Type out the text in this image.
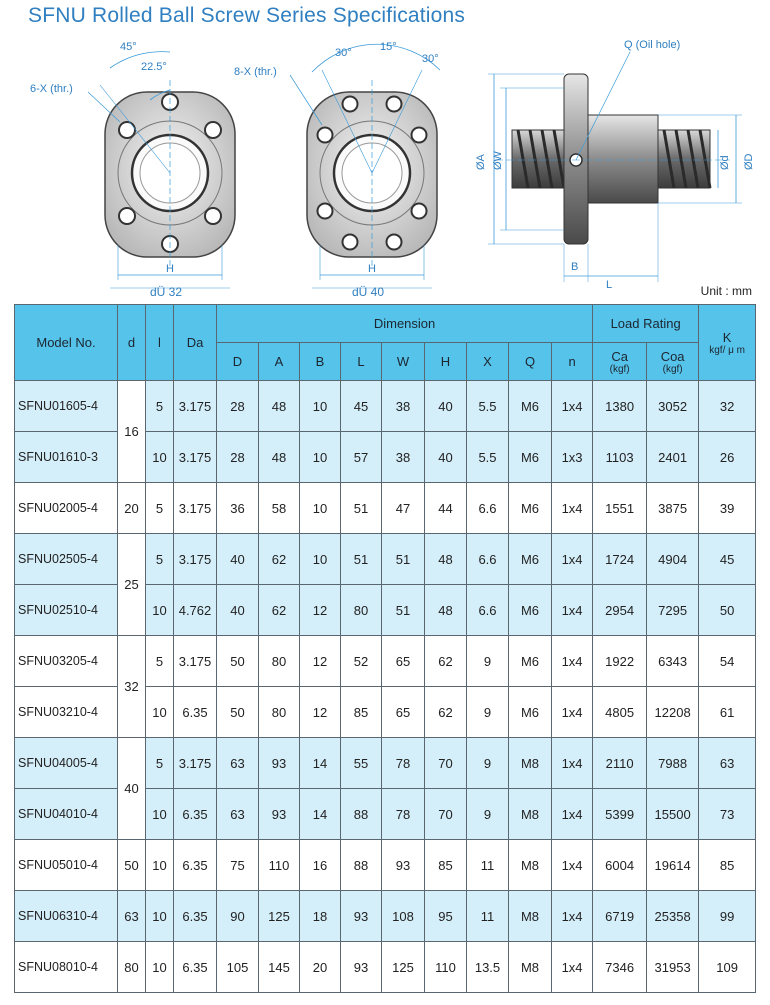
SFNU Rolled Ball Screw Series Specifications
45°
22.5°
6-X (thr.)
H
dÜ 32
30°	15°
30°
8-X (thr.)
H
dÜ 40
Q (Oil hole)
ØA ØW	Ød ØD
B
L	Unit : mm
Model No.	d	l	Da	Dimension									Load Rating		K
kgf/ μ m

				D	A	B	L	W	H	X	Q	n	Ca
(kgf)	Coa
(kgf)	

SFNU01605-4	16	5	3.175	28	48	10	45	38	40	5.5	M6	1x4	1380	3052	32
SFNU01610-3		10	3.175	28	48	10	57	38	40	5.5	M6	1x3	1103	2401	26
SFNU02005-4	20	5	3.175	36	58	10	51	47	44	6.6	M6	1x4	1551	3875	39
SFNU02505-4	25	5	3.175	40	62	10	51	51	48	6.6	M6	1x4	1724	4904	45
SFNU02510-4		10	4.762	40	62	12	80	51	48	6.6	M6	1x4	2954	7295	50
SFNU03205-4	32	5	3.175	50	80	12	52	65	62	9	M6	1x4	1922	6343	54
SFNU03210-4		10	6.35	50	80	12	85	65	62	9	M6	1x4	4805	12208	61
SFNU04005-4	40	5	3.175	63	93	14	55	78	70	9	M8	1x4	2110	7988	63
SFNU04010-4		10	6.35	63	93	14	88	78	70	9	M8	1x4	5399	15500	73
SFNU05010-4	50	10	6.35	75	110	16	88	93	85	11	M8	1x4	6004	19614	85
SFNU06310-4	63	10	6.35	90	125	18	93	108	95	11	M8	1x4	6719	25358	99
SFNU08010-4	80	10	6.35	105	145	20	93	125	110	13.5	M8	1x4	7346	31953	109
